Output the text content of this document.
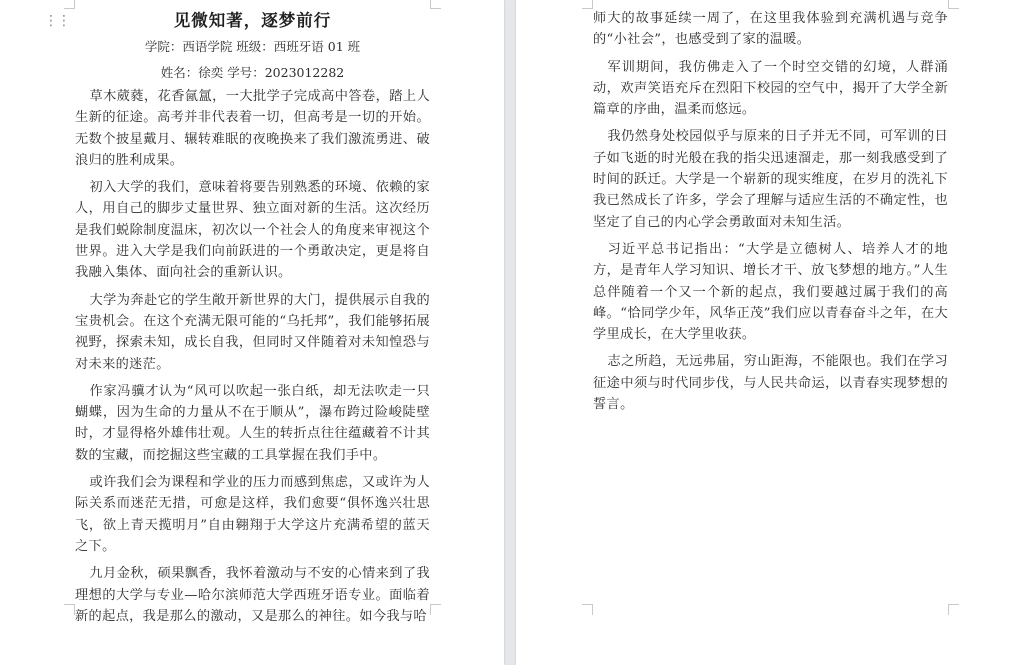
⋮⋮	见微知著，逐梦前行

学院：西语学院 班级：西班牙语 01 班

姓名：徐奕 学号：2023012282

草木葳蕤，花香氤氲，一大批学子完成高中答卷，踏上人生新的征途。高考并非代表着一切，但高考是一切的开始。无数个披星戴月、辗转难眠的夜晚换来了我们激流勇进、破浪归的胜利成果。

初入大学的我们，意味着将要告别熟悉的环境、依赖的家人，用自己的脚步丈量世界、独立面对新的生活。这次经历是我们蜕除制度温床，初次以一个社会人的角度来审视这个世界。进入大学是我们向前跃进的一个勇敢决定，更是将自我融入集体、面向社会的重新认识。

大学为奔赴它的学生敞开新世界的大门，提供展示自我的宝贵机会。在这个充满无限可能的“乌托邦”，我们能够拓展视野，探索未知，成长自我，但同时又伴随着对未知惶恐与对未来的迷茫。

作家冯骥才认为“风可以吹起一张白纸，却无法吹走一只蝴蝶，因为生命的力量从不在于顺从”，瀑布跨过险峻陡壁时，才显得格外雄伟壮观。人生的转折点往往蕴藏着不计其数的宝藏，而挖掘这些宝藏的工具掌握在我们手中。

或许我们会为课程和学业的压力而感到焦虑，又或许为人际关系而迷茫无措，可愈是这样，我们愈要“俱怀逸兴壮思飞，欲上青天揽明月”自由翱翔于大学这片充满希望的蓝天之下。

九月金秋，硕果飘香，我怀着激动与不安的心情来到了我理想的大学与专业—哈尔滨师范大学西班牙语专业。面临着新的起点，我是那么的激动，又是那么的神往。如今我与哈

师大的故事延续一周了，在这里我体验到充满机遇与竞争的“小社会”，也感受到了家的温暖。

军训期间，我仿佛走入了一个时空交错的幻境，人群涌动，欢声笑语充斥在烈阳下校园的空气中，揭开了大学全新篇章的序曲，温柔而悠远。

我仍然身处校园似乎与原来的日子并无不同，可军训的日子如飞逝的时光般在我的指尖迅速溜走，那一刻我感受到了时间的跃迁。大学是一个崭新的现实维度，在岁月的洗礼下我已然成长了许多，学会了理解与适应生活的不确定性，也坚定了自己的内心学会勇敢面对未知生活。

习近平总书记指出：“大学是立德树人、培养人才的地方，是青年人学习知识、增长才干、放飞梦想的地方。”人生总伴随着一个又一个新的起点，我们要越过属于我们的高峰。“恰同学少年，风华正茂”我们应以青春奋斗之年，在大学里成长，在大学里收获。

志之所趋，无远弗届，穷山距海，不能限也。我们在学习征途中须与时代同步伐，与人民共命运，以青春实现梦想的誓言。
